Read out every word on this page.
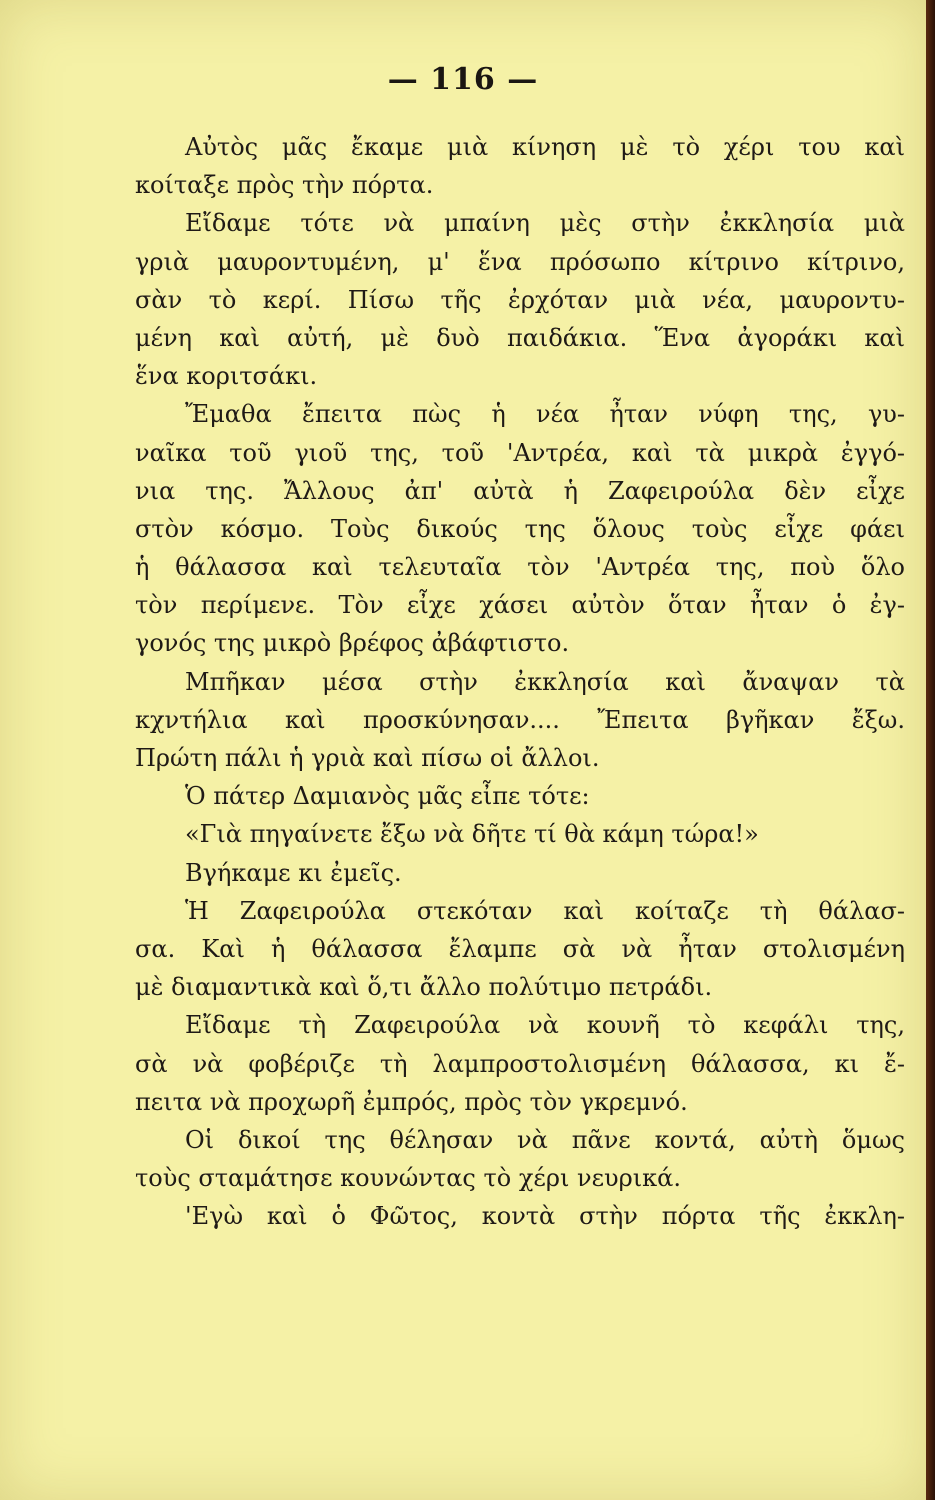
— 116 —
Αὐτὸς μᾶς ἔκαμε μιὰ κίνηση μὲ τὸ χέρι του καὶ
κοίταξε πρὸς τὴν πόρτα.
Εἴδαμε τότε νὰ μπαίνη μὲς στὴν ἐκκλησία μιὰ
γριὰ μαυροντυμένη, μ' ἕνα πρόσωπο κίτρινο κίτρινο,
σὰν τὸ κερί. Πίσω τῆς ἐρχόταν μιὰ νέα, μαυροντυ-
μένη καὶ αὐτή, μὲ δυὸ παιδάκια. Ἕνα ἀγοράκι καὶ
ἕνα κοριτσάκι.
Ἔμαθα ἔπειτα πὼς ἡ νέα ἦταν νύφη της, γυ-
ναῖκα τοῦ γιοῦ της, τοῦ 'Αντρέα, καὶ τὰ μικρὰ ἐγγό-
νια της. Ἄλλους ἀπ' αὐτὰ ἡ Ζαφειρούλα δὲν εἶχε
στὸν κόσμο. Τοὺς δικούς της ὅλους τοὺς εἶχε φάει
ἡ θάλασσα καὶ τελευταῖα τὸν 'Αντρέα της, ποὺ ὅλο
τὸν περίμενε. Τὸν εἶχε χάσει αὐτὸν ὅταν ἦταν ὁ ἐγ-
γονός της μικρὸ βρέφος ἀβάφτιστο.
Μπῆκαν μέσα στὴν ἐκκλησία καὶ ἄναψαν τὰ
κχντήλια καὶ προσκύνησαν.... Ἔπειτα βγῆκαν ἔξω.
Πρώτη πάλι ἡ γριὰ καὶ πίσω οἱ ἄλλοι.
Ὁ πάτερ Δαμιανὸς μᾶς εἶπε τότε:
«Γιὰ πηγαίνετε ἔξω νὰ δῆτε τί θὰ κάμη τώρα!»
Βγήκαμε κι ἐμεῖς.
Ἡ Ζαφειρούλα στεκόταν καὶ κοίταζε τὴ θάλασ-
σα. Καὶ ἡ θάλασσα ἔλαμπε σὰ νὰ ἦταν στολισμένη
μὲ διαμαντικὰ καὶ ὅ,τι ἄλλο πολύτιμο πετράδι.
Εἴδαμε τὴ Ζαφειρούλα νὰ κουνῆ τὸ κεφάλι της,
σὰ νὰ φοβέριζε τὴ λαμπροστολισμένη θάλασσα, κι ἔ-
πειτα νὰ προχωρῆ ἐμπρός, πρὸς τὸν γκρεμνό.
Οἱ δικοί της θέλησαν νὰ πᾶνε κοντά, αὐτὴ ὅμως
τοὺς σταμάτησε κουνώντας τὸ χέρι νευρικά.
'Εγὼ καὶ ὁ Φῶτος, κοντὰ στὴν πόρτα τῆς ἐκκλη-
